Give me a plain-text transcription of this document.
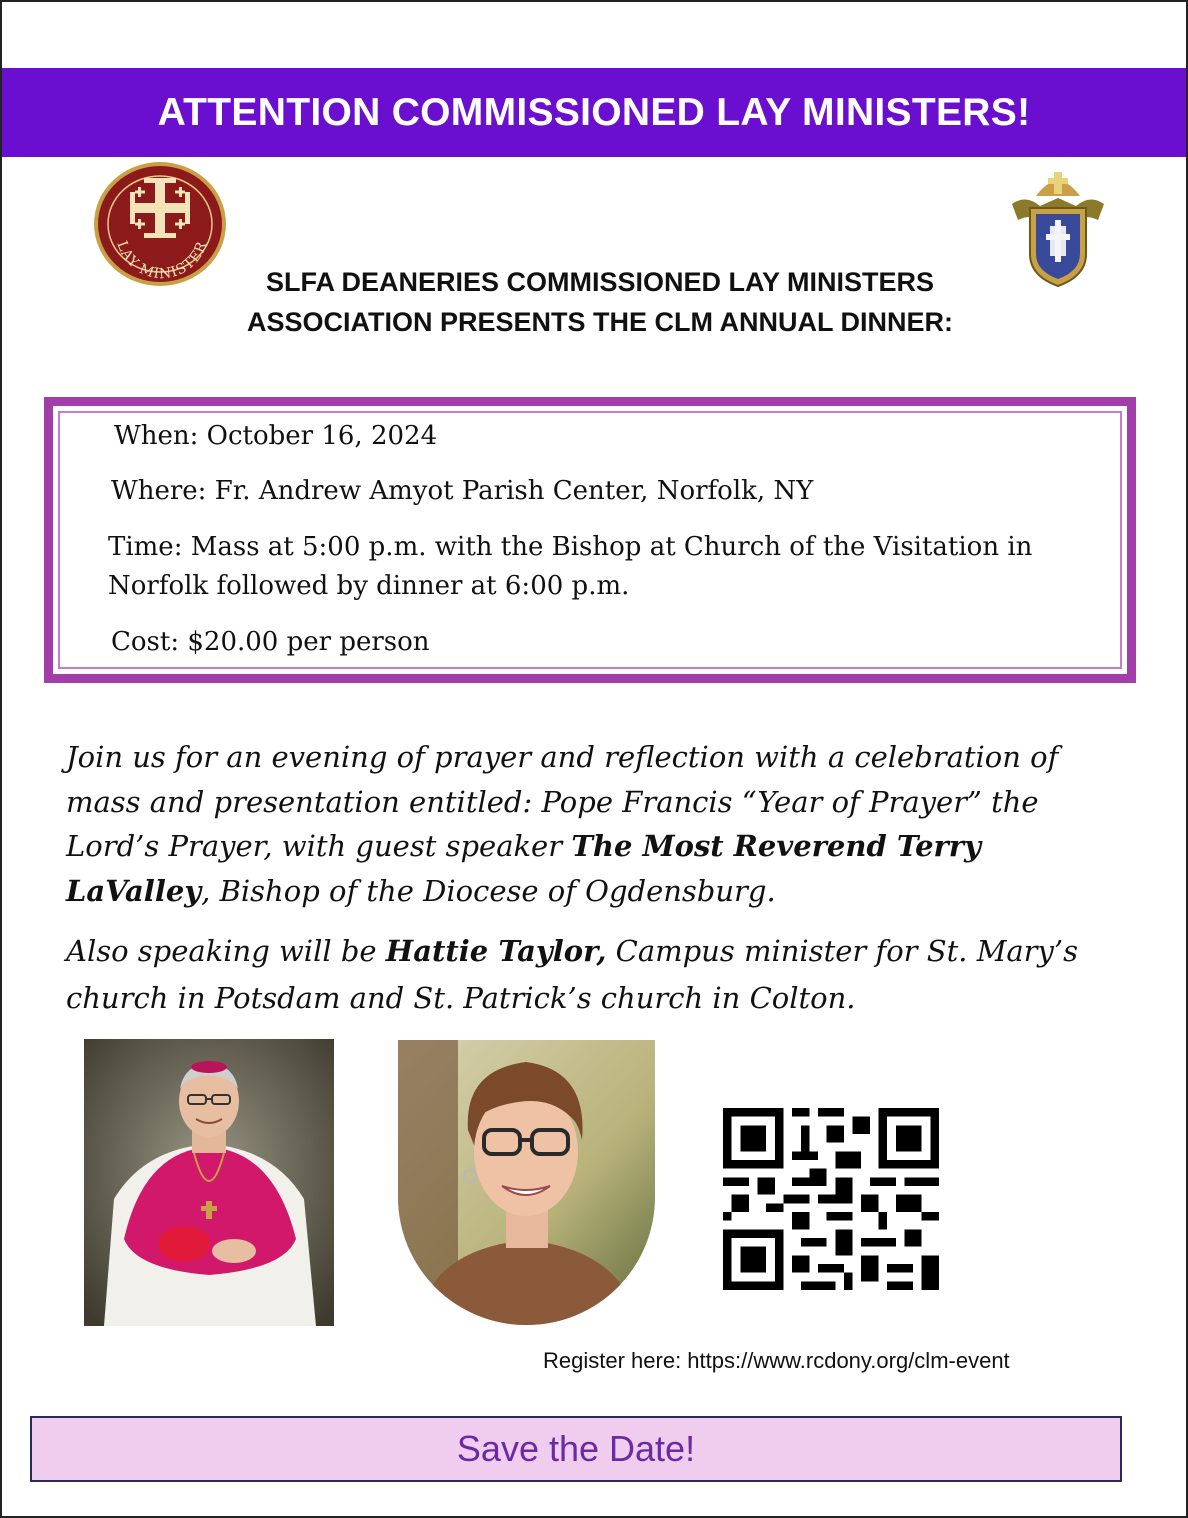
ATTENTION COMMISSIONED LAY MINISTERS!
LAY MINISTER
SLFA DEANERIES COMMISSIONED LAY MINISTERS
ASSOCIATION PRESENTS THE CLM ANNUAL DINNER:
When: October 16, 2024
Where: Fr. Andrew Amyot Parish Center, Norfolk, NY
Time: Mass at 5:00 p.m. with the Bishop at Church of the Visitation in
Norfolk followed by dinner at 6:00 p.m.
Cost: $20.00 per person
Join us for an evening of prayer and reflection with a celebration of mass and presentation entitled: Pope Francis “Year of Prayer” the Lord’s Prayer, with guest speaker The Most Reverend Terry LaValley, Bishop of the Diocese of Ogdensburg.
Also speaking will be Hattie Taylor, Campus minister for St. Mary’s church in Potsdam and St. Patrick’s church in Colton.
Register here: https://www.rcdony.org/clm-event
Save the Date!
